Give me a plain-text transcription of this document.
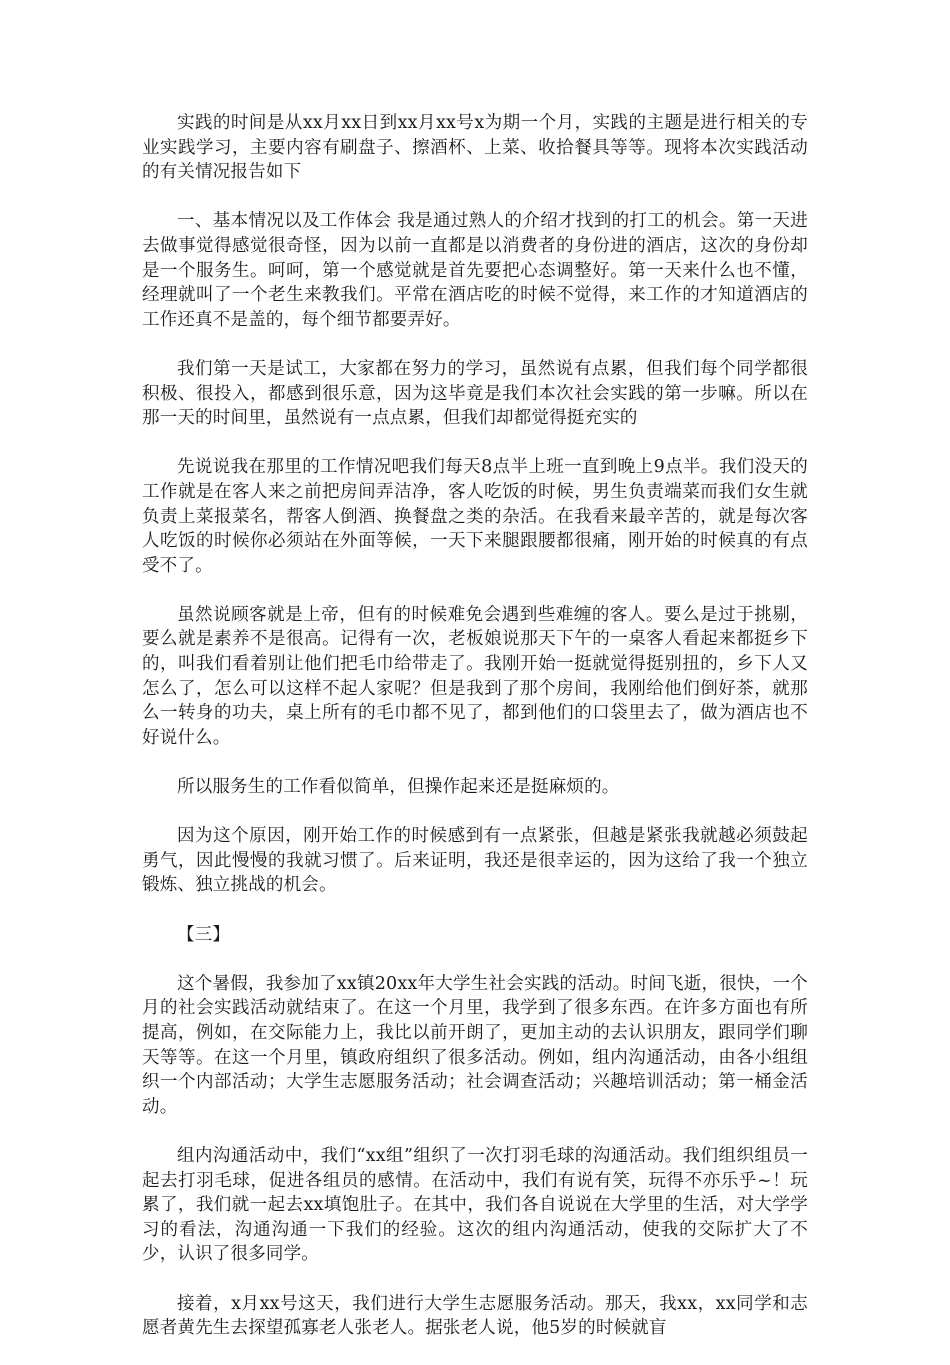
实践的时间是从xx月xx日到xx月xx号x为期一个月，实践的主题是进行相关的专业实践学习，主要内容有刷盘子、擦酒杯、上菜、收拾餐具等等。现将本次实践活动的有关情况报告如下

一、基本情况以及工作体会 我是通过熟人的介绍才找到的打工的机会。第一天进去做事觉得感觉很奇怪，因为以前一直都是以消费者的身份进的酒店，这次的身份却是一个服务生。呵呵，第一个感觉就是首先要把心态调整好。第一天来什么也不懂，经理就叫了一个老生来教我们。平常在酒店吃的时候不觉得，来工作的才知道酒店的工作还真不是盖的，每个细节都要弄好。

我们第一天是试工，大家都在努力的学习，虽然说有点累，但我们每个同学都很积极、很投入，都感到很乐意，因为这毕竟是我们本次社会实践的第一步嘛。所以在那一天的时间里，虽然说有一点点累，但我们却都觉得挺充实的

先说说我在那里的工作情况吧我们每天8点半上班一直到晚上9点半。我们没天的工作就是在客人来之前把房间弄洁净，客人吃饭的时候，男生负责端菜而我们女生就负责上菜报菜名，帮客人倒酒、换餐盘之类的杂活。在我看来最辛苦的，就是每次客人吃饭的时候你必须站在外面等候，一天下来腿跟腰都很痛，刚开始的时候真的有点受不了。

虽然说顾客就是上帝，但有的时候难免会遇到些难缠的客人。要么是过于挑剔，要么就是素养不是很高。记得有一次，老板娘说那天下午的一桌客人看起来都挺乡下的，叫我们看着别让他们把毛巾给带走了。我刚开始一挺就觉得挺别扭的，乡下人又怎么了，怎么可以这样不起人家呢？但是我到了那个房间，我刚给他们倒好茶，就那么一转身的功夫，桌上所有的毛巾都不见了，都到他们的口袋里去了，做为酒店也不好说什么。

所以服务生的工作看似简单，但操作起来还是挺麻烦的。

因为这个原因，刚开始工作的时候感到有一点紧张，但越是紧张我就越必须鼓起勇气，因此慢慢的我就习惯了。后来证明，我还是很幸运的，因为这给了我一个独立锻炼、独立挑战的机会。

【三】

这个暑假，我参加了xx镇20xx年大学生社会实践的活动。时间飞逝，很快，一个月的社会实践活动就结束了。在这一个月里，我学到了很多东西。在许多方面也有所提高，例如，在交际能力上，我比以前开朗了，更加主动的去认识朋友，跟同学们聊天等等。在这一个月里，镇政府组织了很多活动。例如，组内沟通活动，由各小组组织一个内部活动；大学生志愿服务活动；社会调查活动；兴趣培训活动；第一桶金活动。

组内沟通活动中，我们“xx组”组织了一次打羽毛球的沟通活动。我们组织组员一起去打羽毛球，促进各组员的感情。在活动中，我们有说有笑，玩得不亦乐乎~！玩累了，我们就一起去xx填饱肚子。在其中，我们各自说说在大学里的生活，对大学学习的看法，沟通沟通一下我们的经验。这次的组内沟通活动，使我的交际扩大了不少，认识了很多同学。

接着，x月xx号这天，我们进行大学生志愿服务活动。那天，我xx，xx同学和志愿者黄先生去探望孤寡老人张老人。据张老人说，他5岁的时候就盲
